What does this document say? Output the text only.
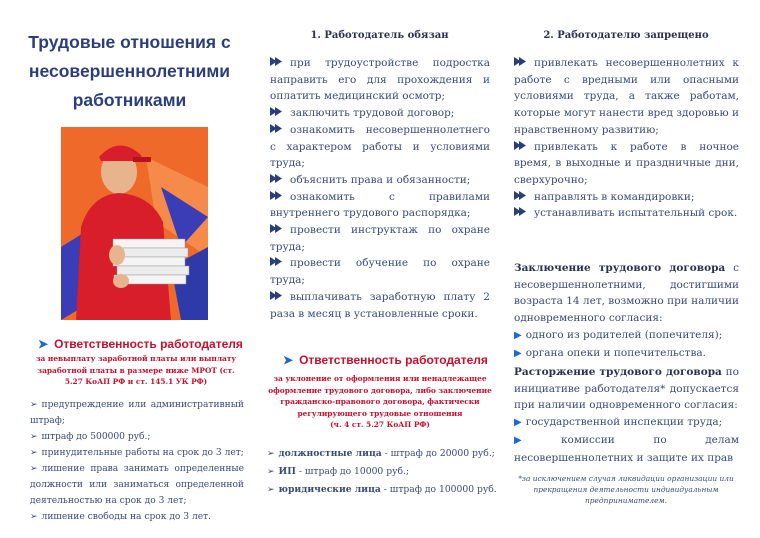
Трудовые отношения с несовершеннолетними работниками
➤ Ответственность работодателя
за невыплату заработной платы или выплату заработной платы в размере ниже МРОТ (ст. 5.27 КоАП РФ и ст. 145.1 УК РФ)
➢ предупреждение или административный штраф;
➢ штраф до 500000 руб.;
➢ принудительные работы на срок до 3 лет;
➢ лишение права занимать определенные должности или заниматься определенной деятельностью на срок до 3 лет;
➢ лишение свободы на срок до 3 лет.
1. Работодатель обязан
при трудоустройстве подростка направить его для прохождения и оплатить медицинский осмотр;
заключить трудовой договор;
ознакомить несовершеннолетнего с характером работы и условиями труда;
объяснить права и обязанности;
ознакомить с правилами внутреннего трудового распорядка;
провести инструктаж по охране труда;
провести обучение по охране труда;
выплачивать заработную плату 2 раза в месяц в установленные сроки.
➤ Ответственность работодателя
за уклонение от оформления или ненадлежащее оформление трудового договора, либо заключение гражданско-правового договора, фактически регулирующего трудовые отношения
(ч. 4 ст. 5.27 КоАП РФ)
➢ должностные лица - штраф до 20000 руб.;
➢ ИП - штраф до 10000 руб.;
➢ юридические лица - штраф до 100000 руб.
2. Работодателю запрещено
привлекать несовершеннолетних к работе с вредными или опасными условиями труда, а также работам, которые могут нанести вред здоровью и нравственному развитию;
привлекать к работе в ночное время, в выходные и праздничные дни, сверхурочно;
направлять в командировки;
устанавливать испытательный срок.
Заключение трудового договора с несовершеннолетними, достигшими возраста 14 лет, возможно при наличии одновременного согласия:
▶ одного из родителей (попечителя);
▶ органа опеки и попечительства.
Расторжение трудового договора по инициативе работодателя* допускается при наличии одновременного согласия:
▶ государственной инспекции труда;
▶ комиссии по делам несовершеннолетних и защите их прав
*за исключением случая ликвидации организации или прекращения деятельности индивидуальным предпринимателем.
